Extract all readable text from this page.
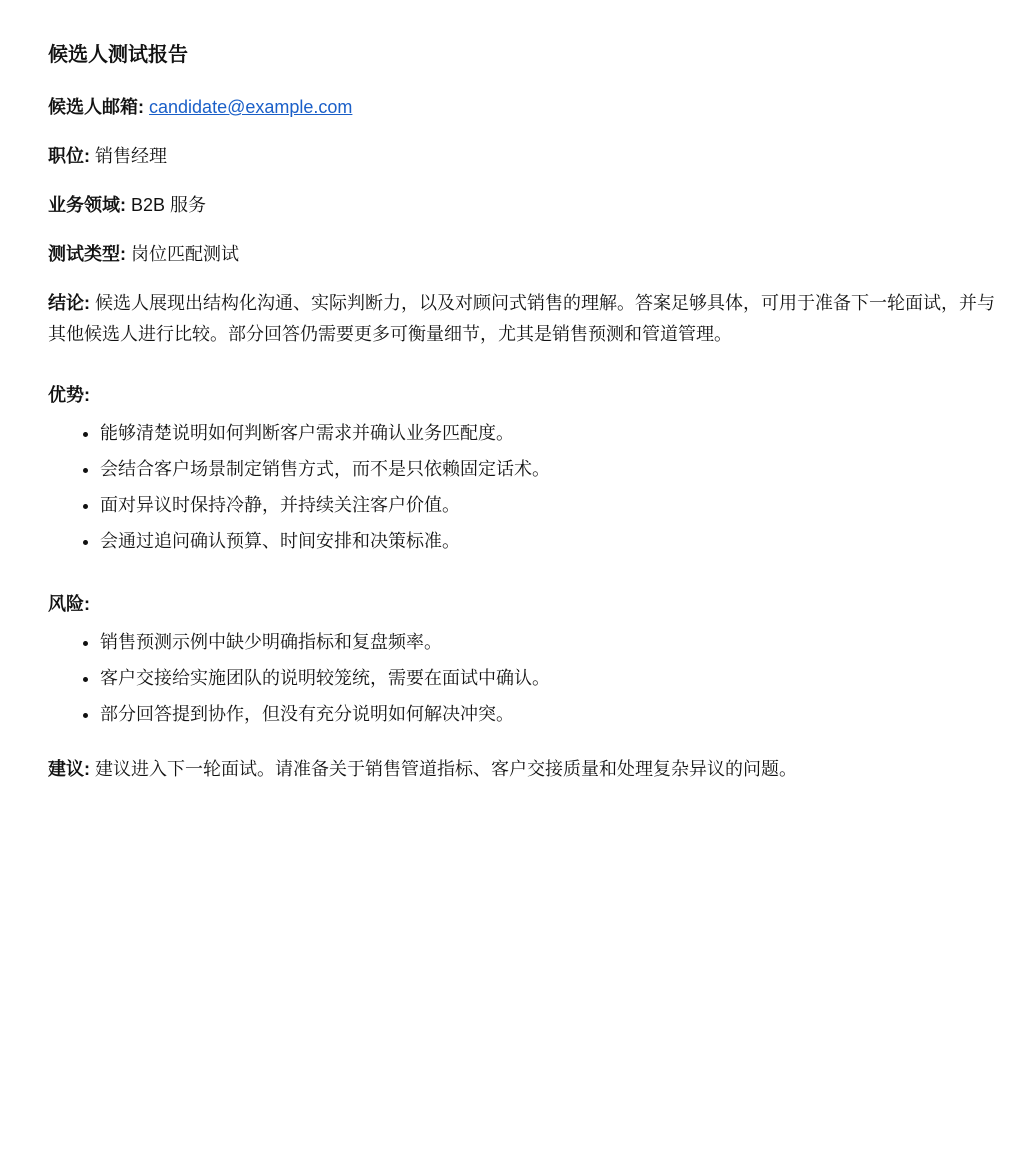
候选人测试报告
候选人邮箱: candidate@example.com
职位: 销售经理
业务领域: B2B 服务
测试类型: 岗位匹配测试
结论: 候选人展现出结构化沟通、实际判断力，以及对顾问式销售的理解。答案足够具体，可用于准备下一轮面试，并与其他候选人进行比较。部分回答仍需要更多可衡量细节，尤其是销售预测和管道管理。
优势:
• 能够清楚说明如何判断客户需求并确认业务匹配度。
• 会结合客户场景制定销售方式，而不是只依赖固定话术。
• 面对异议时保持冷静，并持续关注客户价值。
• 会通过追问确认预算、时间安排和决策标准。
风险:
• 销售预测示例中缺少明确指标和复盘频率。
• 客户交接给实施团队的说明较笼统，需要在面试中确认。
• 部分回答提到协作，但没有充分说明如何解决冲突。
建议: 建议进入下一轮面试。请准备关于销售管道指标、客户交接质量和处理复杂异议的问题。
